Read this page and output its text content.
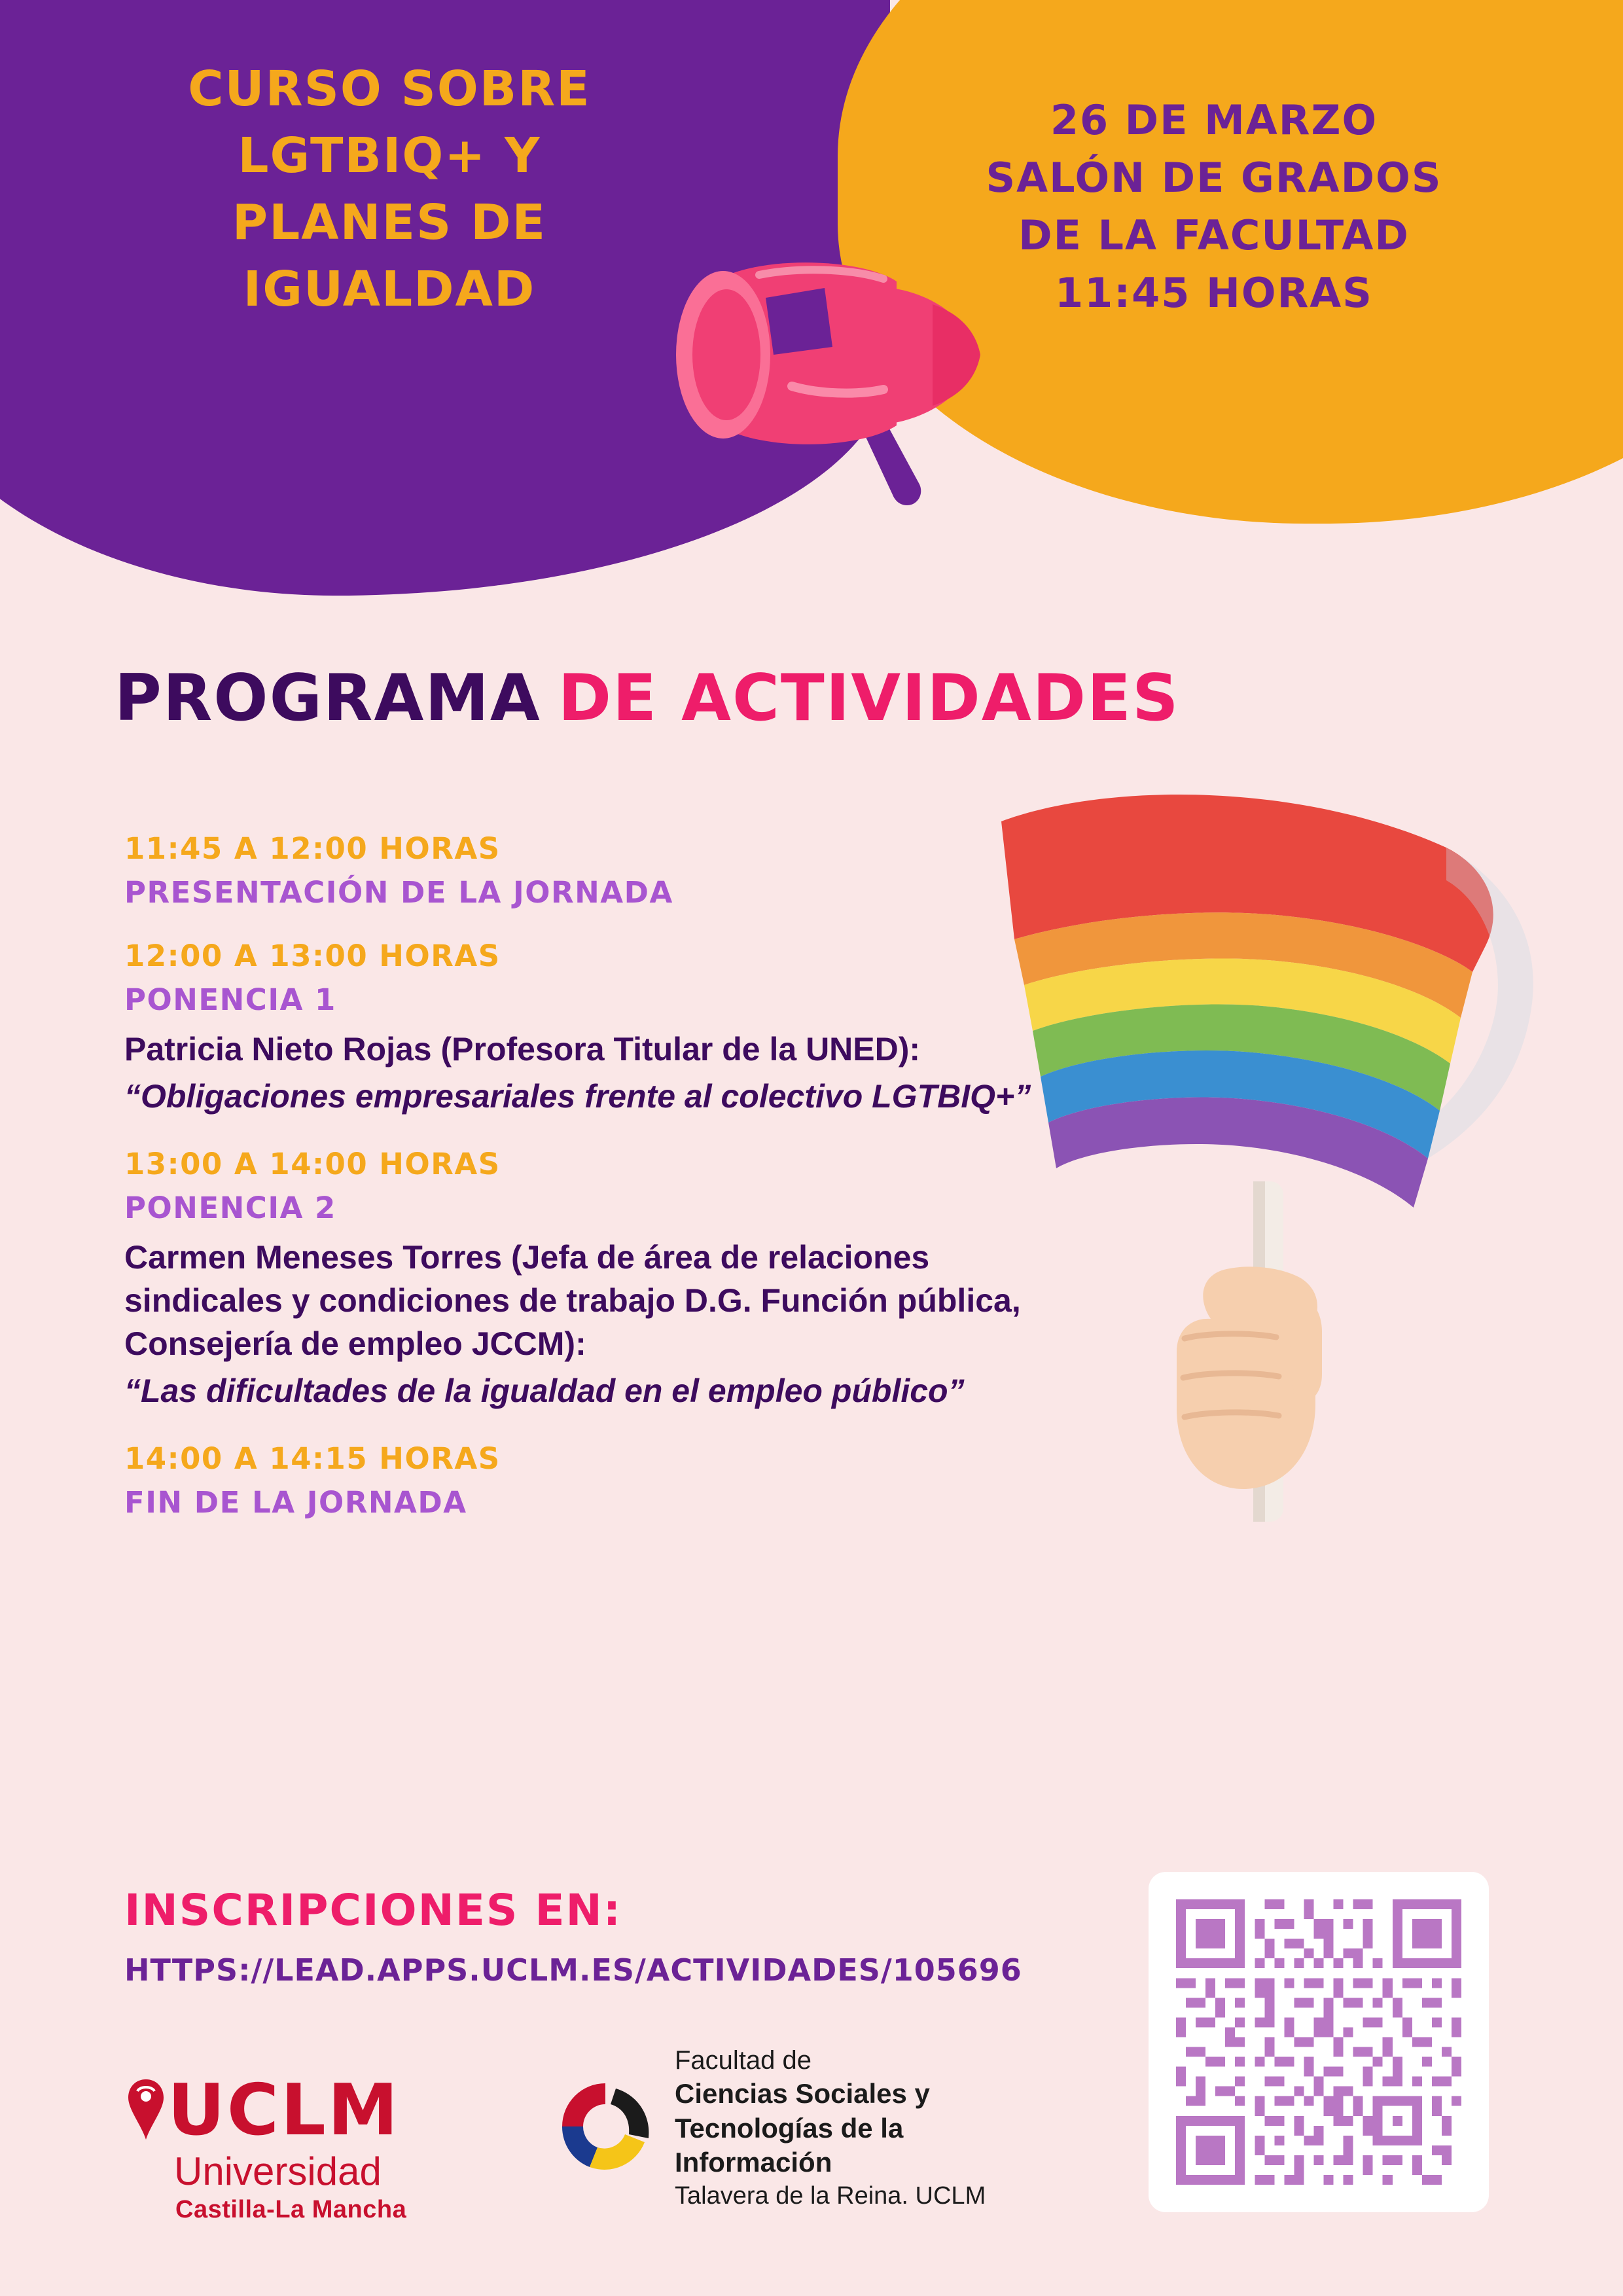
CURSO SOBRE
LGTBIQ+ Y
PLANES DE
IGUALDAD
26 DE MARZO
SALÓN DE GRADOS
DE LA FACULTAD
11:45 HORAS
PROGRAMA DE ACTIVIDADES
11:45 A 12:00 HORAS
PRESENTACIÓN DE LA JORNADA
12:00 A 13:00 HORAS
PONENCIA 1
Patricia Nieto Rojas (Profesora Titular de la UNED):
“Obligaciones empresariales frente al colectivo LGTBIQ+”
13:00 A 14:00 HORAS
PONENCIA 2
Carmen Meneses Torres (Jefa de área de relaciones sindicales y condiciones de trabajo D.G. Función pública, Consejería de empleo JCCM):
“Las dificultades de la igualdad en el empleo público”
14:00 A 14:15 HORAS
FIN DE LA JORNADA
INSCRIPCIONES EN:
HTTPS://LEAD.APPS.UCLM.ES/ACTIVIDADES/105696
UCLM
Universidad
Castilla-La Mancha
Facultad de
Ciencias Sociales y
Tecnologías de la Información
Talavera de la Reina. UCLM
